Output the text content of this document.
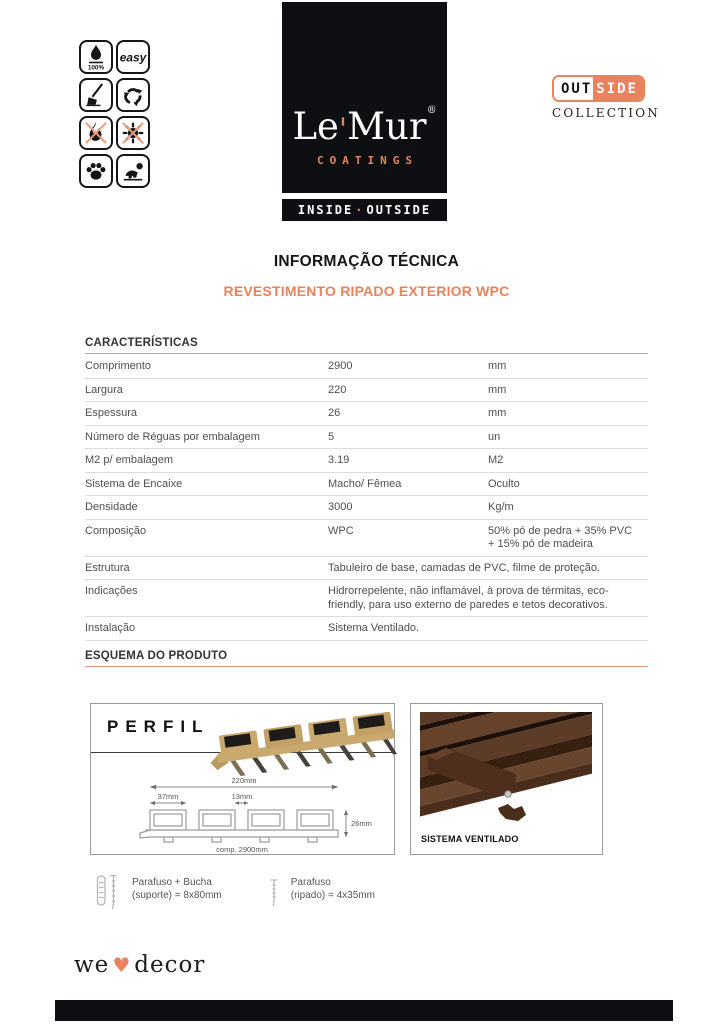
100%
easy
Le'Mur®
COATINGS
INSIDE · OUTSIDE
OUT SIDE
COLLECTION
INFORMAÇÃO TÉCNICA
REVESTIMENTO RIPADO EXTERIOR WPC
CARACTERÍSTICAS
Comprimento	2900	mm
Largura	220	mm
Espessura	26	mm
Número de Réguas por embalagem	5	un
M2 p/ embalagem	3.19	M2
Sistema de Encaixe	Macho/ Fêmea	Oculto
Densidade	3000	Kg/m
Composição	WPC	50% pó de pedra + 35% PVC + 15% pó de madeira
Estrutura	Tabuleiro de base, camadas de PVC, filme de proteção.	
Indicações	Hidrorrepelente, não inflamável, à prova de térmitas, eco-friendly, para uso externo de paredes e tetos decorativos.	
Instalação	Sistema Ventilado.	
ESQUEMA DO PRODUTO
PERFIL
220mm
37mm	13mm
26mm
comp. 2900mm
SISTEMA VENTILADO
Parafuso + Bucha
(suporte) = 8x80mm
Parafuso
(ripado) = 4x35mm
we ♥ decor
